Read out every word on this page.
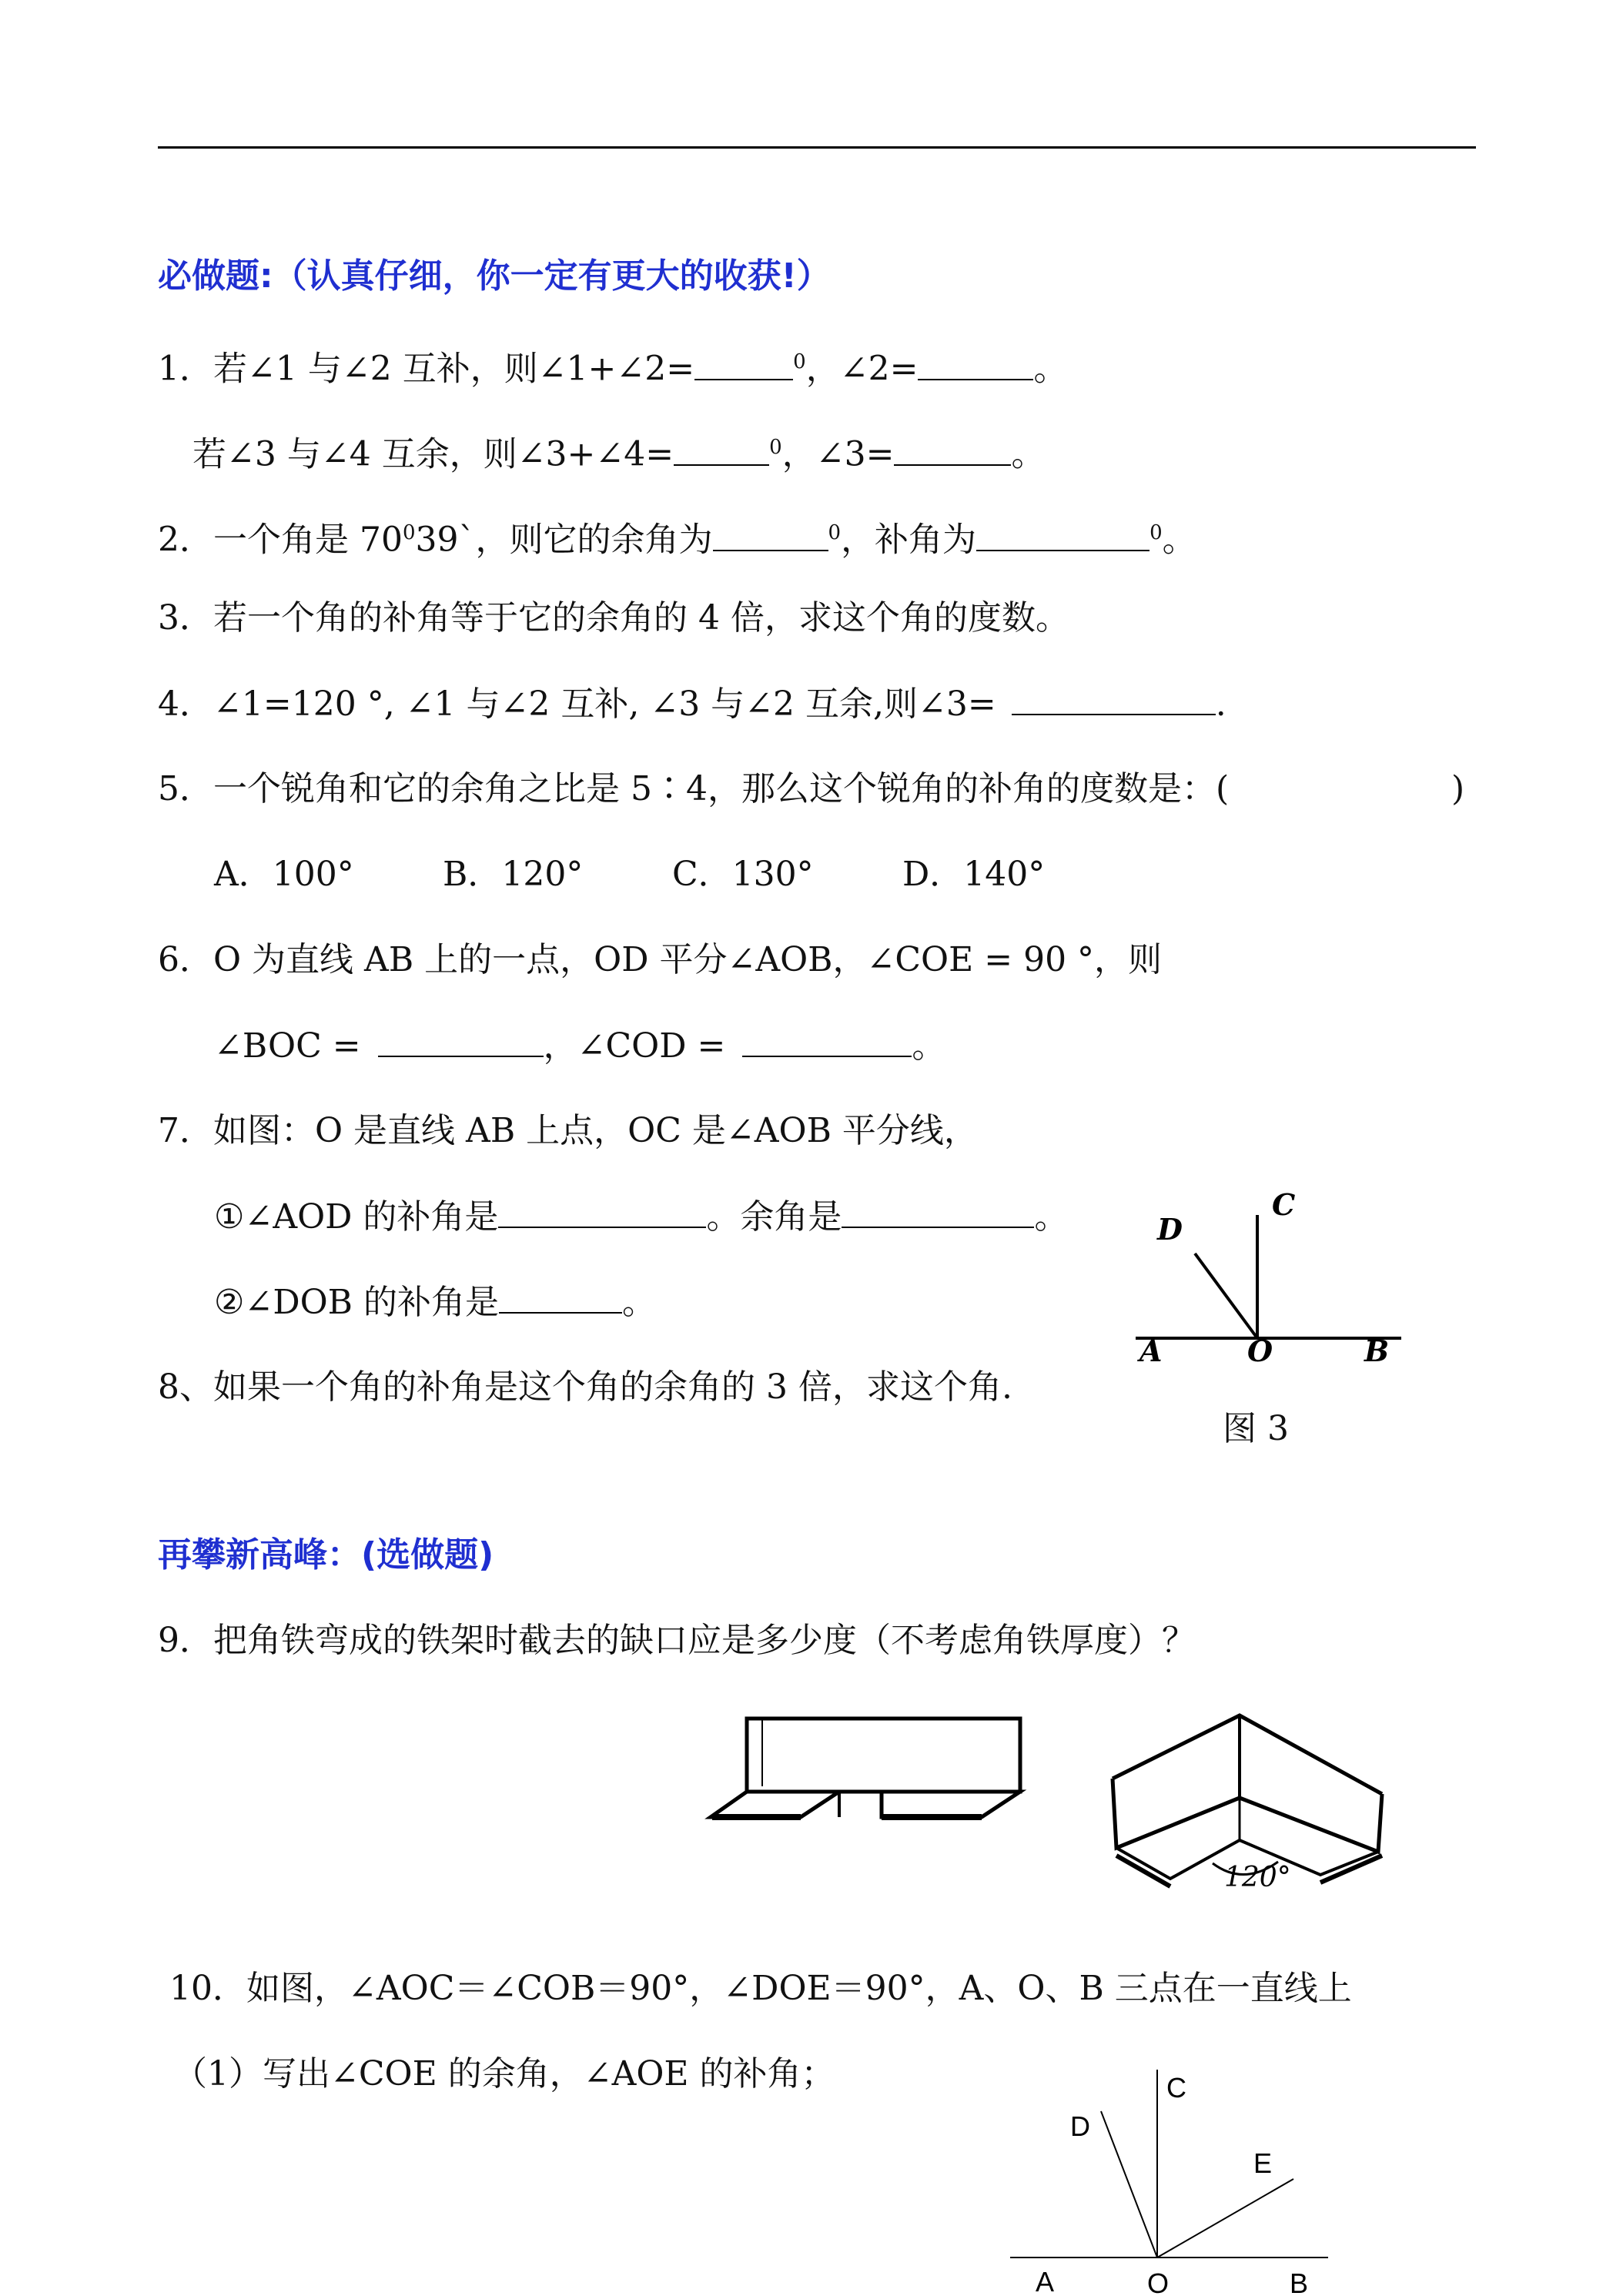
必做题:（认真仔细，你一定有更大的收获!）
1．若∠1 与∠2 互补，则∠1+∠2=	$^0$，∠2=	。
若∠3 与∠4 互余，则∠3+∠4=	$^0$，∠3=	。
2．一个角是 $70^039`$，则它的余角为	$^0$，补角为	$^0$。
3．若一个角的补角等于它的余角的 4 倍，求这个角的度数。
4．∠1=120 °, ∠1 与∠2 互补, ∠3 与∠2 互余,则∠3=	.
5．一个锐角和它的余角之比是 5∶4，那么这个锐角的补角的度数是：(	)
A．100°	B．120°	C．130°	D．140°
6．O 为直线 AB 上的一点，OD 平分∠AOB，∠COE = 90 °，则
∠BOC =	，∠COD =	。
7．如图：O 是直线 AB 上点，OC 是∠AOB 平分线，
①∠AOD 的补角是	。余角是	。
②∠DOB 的补角是	。
8、如果一个角的补角是这个角的余角的 3 倍，求这个角.
A	O	B
C
D
图 3
再攀新高峰：(选做题)
9．把角铁弯成的铁架时截去的缺口应是多少度（不考虑角铁厚度）？
120°
10．如图，∠AOC＝∠COB＝90°，∠DOE＝90°，A、O、B 三点在一直线上
（1）写出∠COE 的余角，∠AOE 的补角；
A	O	B
C
D
E
